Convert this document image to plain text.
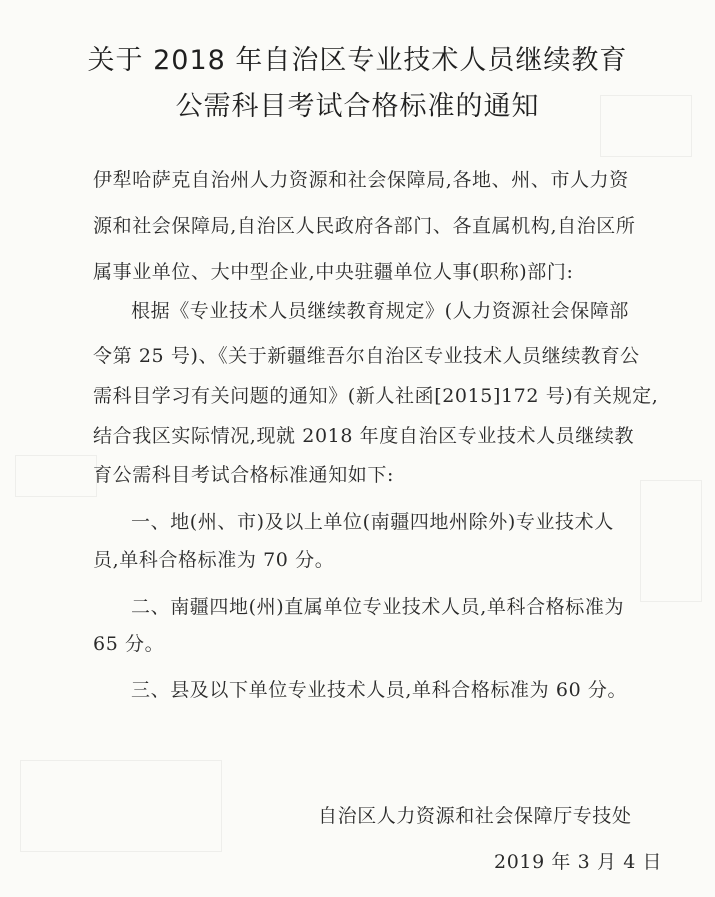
关于 2018 年自治区专业技术人员继续教育
公需科目考试合格标准的通知
伊犁哈萨克自治州人力资源和社会保障局,各地、州、市人力资
源和社会保障局,自治区人民政府各部门、各直属机构,自治区所
属事业单位、大中型企业,中央驻疆单位人事(职称)部门:
根据《专业技术人员继续教育规定》(人力资源社会保障部
令第 25 号)、《关于新疆维吾尔自治区专业技术人员继续教育公
需科目学习有关问题的通知》(新人社函[2015]172 号)有关规定,
结合我区实际情况,现就 2018 年度自治区专业技术人员继续教
育公需科目考试合格标准通知如下:
一、地(州、市)及以上单位(南疆四地州除外)专业技术人
员,单科合格标准为 70 分。
二、南疆四地(州)直属单位专业技术人员,单科合格标准为
65 分。
三、县及以下单位专业技术人员,单科合格标准为 60 分。
自治区人力资源和社会保障厅专技处
2019 年 3 月 4 日
